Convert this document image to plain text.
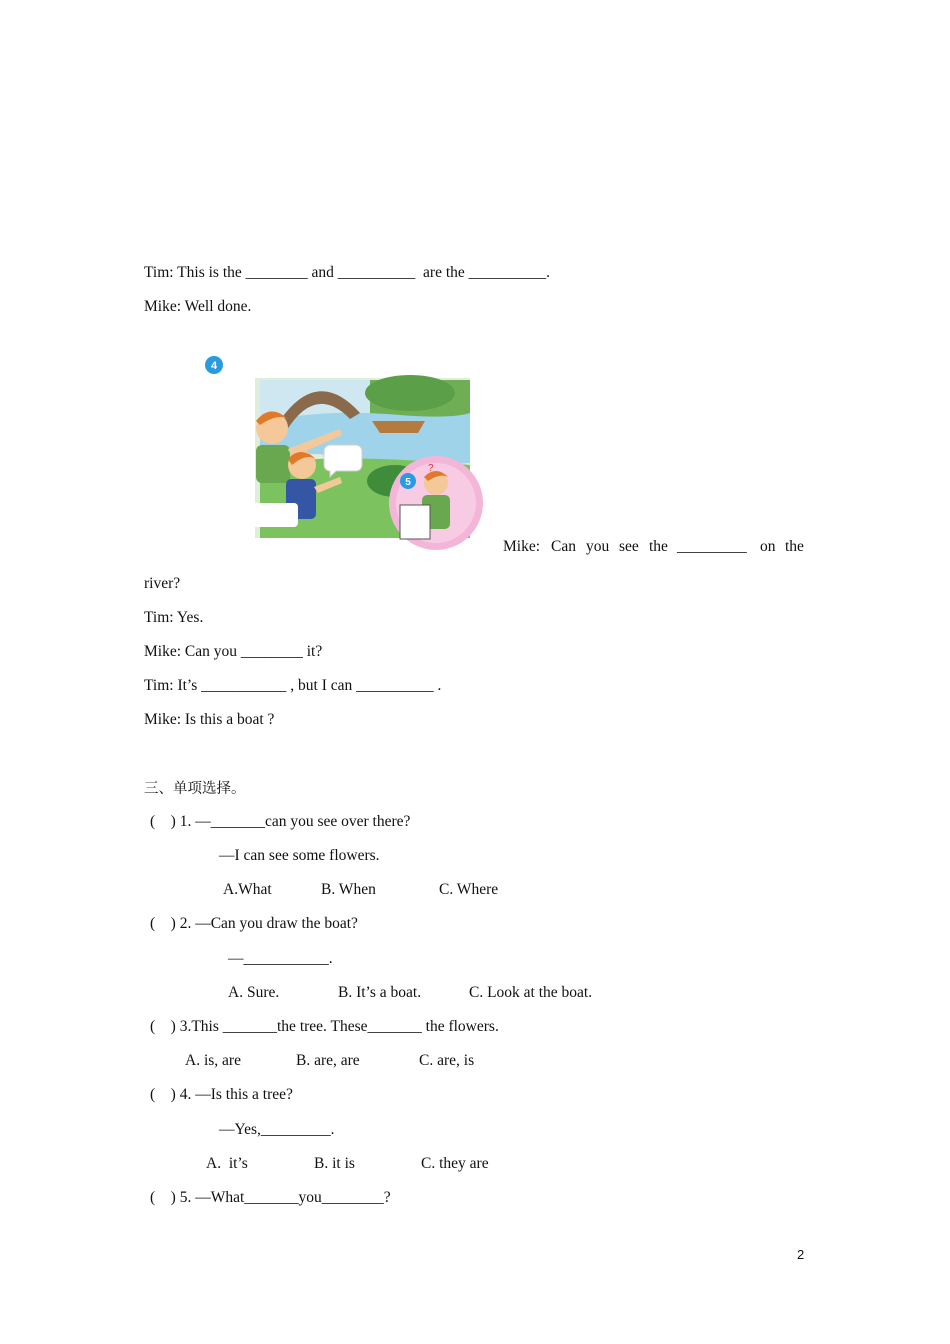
Tim: This is the ________ and __________  are the __________.
Mike: Well done.
4
5
?
Mike: Can you see the _________ on the
river?
Tim: Yes.
Mike: Can you ________ it?
Tim: It’s ___________ , but I can __________ .
Mike: Is this a boat ?
三、单项选择。
(    ) 1. —_______can you see over there?
—I can see some flowers.
A.What	B. When	C. Where
(    ) 2. —Can you draw the boat?
—___________.
A. Sure.	B. It’s a boat.	C. Look at the boat.
(    ) 3.This _______the tree. These_______ the flowers.
A. is, are	B. are, are	C. are, is
(    ) 4. —Is this a tree?
—Yes,_________.
A.  it’s	B. it is	C. they are
(    ) 5. —What_______you________?
2
